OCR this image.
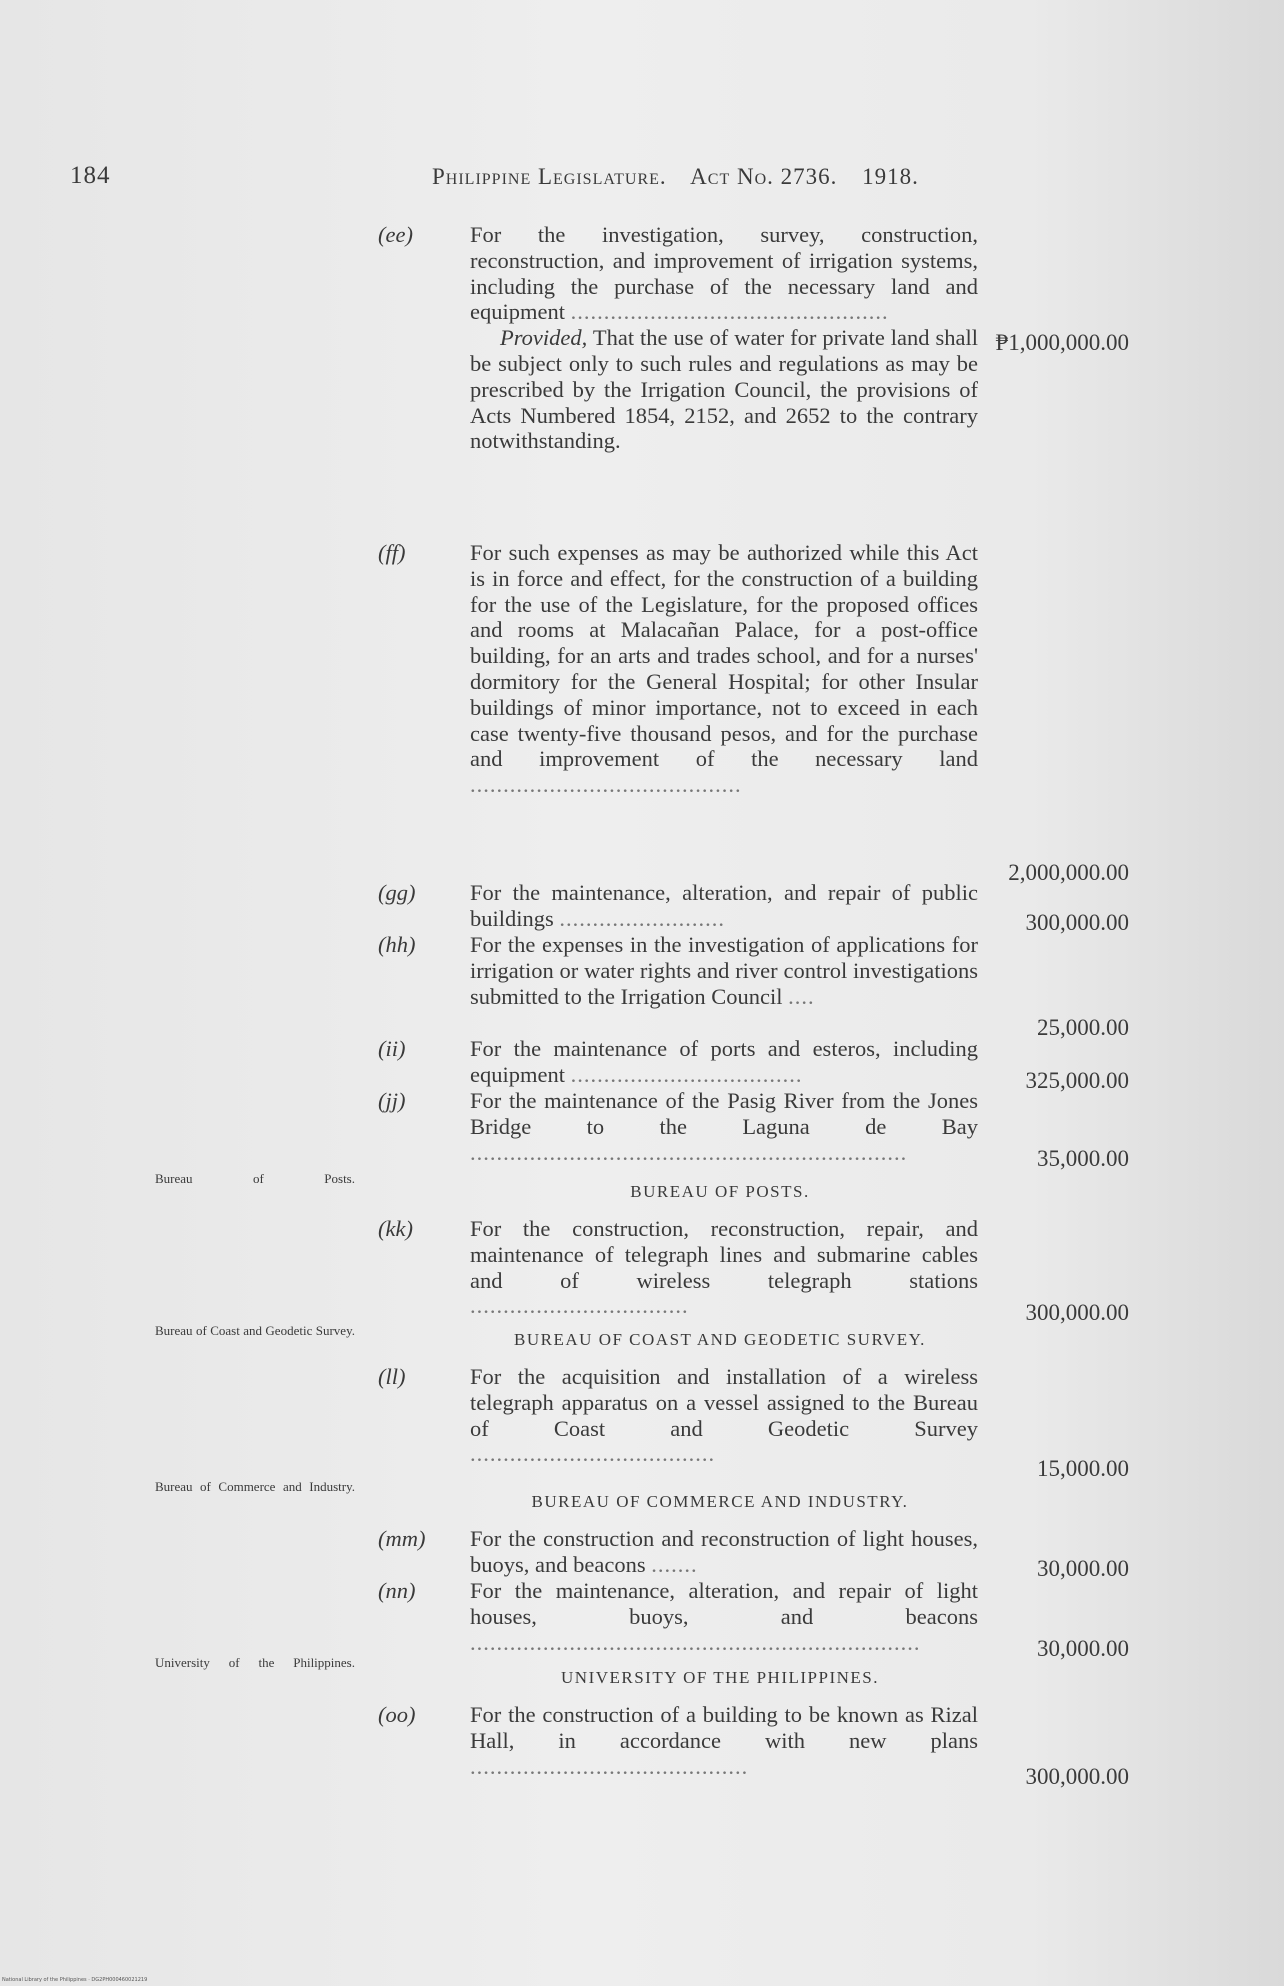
184	Philippine Legislature. Act No. 2736. 1918.
(ee)	For the investigation, survey, construction, reconstruction, and improvement of irrigation systems, including the purchase of the necessary land and equipment ................................................
Provided, That the use of water for private land shall be subject only to such rules and regulations as may be prescribed by the Irrigation Council, the provisions of Acts Numbered 1854, 2152, and 2652 to the contrary notwithstanding.
₱1,000,000.00
(ff)	For such expenses as may be authorized while this Act is in force and effect, for the construction of a building for the use of the Legislature, for the proposed offices and rooms at Malacañan Palace, for a post-office building, for an arts and trades school, and for a nurses' dormitory for the General Hospital; for other Insular buildings of minor importance, not to exceed in each case twenty-five thousand pesos, and for the purchase and improvement of the necessary land .........................................
2,000,000.00
(gg) For the maintenance, alteration, and repair of public buildings .........................	300,000.00
(hh) For the expenses in the investigation of applications for irrigation or water rights and river control investigations submitted to the Irrigation Council ....
25,000.00
(ii)	For the maintenance of ports and esteros, including equipment ...................................	325,000.00
(jj)	For the maintenance of the Pasig River from the Jones Bridge to the Laguna de Bay ..................................................................	35,000.00
Bureau of Posts.
BUREAU OF POSTS.
(kk)	For the construction, reconstruction, repair, and maintenance of telegraph lines and submarine cables and of wireless telegraph stations .................................	300,000.00
Bureau of Coast and Geodetic Survey.	BUREAU OF COAST AND GEODETIC SURVEY.
(ll)	For the acquisition and installation of a wireless telegraph apparatus on a vessel assigned to the Bureau of Coast and Geodetic Survey .....................................
15,000.00
Bureau of Commerce and Industry.
BUREAU OF COMMERCE AND INDUSTRY.
(mm) For the construction and reconstruction of light houses, buoys, and beacons .......	30,000.00
(nn) For the maintenance, alteration, and repair of light houses, buoys, and beacons ....................................................................	30,000.00
University of the Philippines.
UNIVERSITY OF THE PHILIPPINES.
(oo) For the construction of a building to be known as Rizal Hall, in accordance with new plans ..........................................	300,000.00
National Library of the Philippines · DG2PH000460021219
